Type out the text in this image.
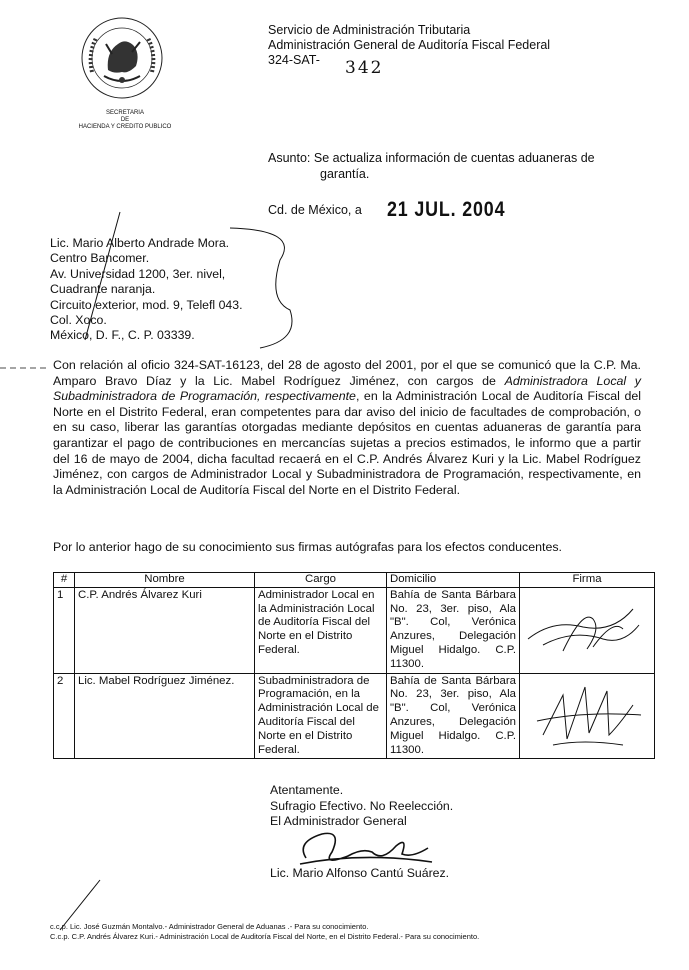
SECRETARIA
DE
HACIENDA Y CREDITO PUBLICO
Servicio de Administración Tributaria
Administración General de Auditoría Fiscal Federal
324-SAT-	342
Asunto: Se actualiza información de cuentas aduaneras de
garantía.
Cd. de México, a 21 JUL. 2004
Lic. Mario Alberto Andrade Mora.
Centro Bancomer.
Av. Universidad 1200, 3er. nivel,
Cuadrante naranja.
Circuito exterior, mod. 9, Telefl 043.
Col. Xoco.
México, D. F., C. P. 03339.
Con relación al oficio 324-SAT-16123, del 28 de agosto del 2001, por el que se comunicó que la C.P. Ma. Amparo Bravo Díaz y la Lic. Mabel Rodríguez Jiménez, con cargos de Administradora Local y Subadministradora de Programación, respectivamente, en la Administración Local de Auditoría Fiscal del Norte en el Distrito Federal, eran competentes para dar aviso del inicio de facultades de comprobación, o en su caso, liberar las garantías otorgadas mediante depósitos en cuentas aduaneras de garantía para garantizar el pago de contribuciones en mercancías sujetas a precios estimados, le informo que a partir del 16 de mayo de 2004, dicha facultad recaerá en el C.P. Andrés Álvarez Kuri y la Lic. Mabel Rodríguez Jiménez, con cargos de Administrador Local y Subadministradora de Programación, respectivamente, en la Administración Local de Auditoría Fiscal del Norte en el Distrito Federal.
Por lo anterior hago de su conocimiento sus firmas autógrafas para los efectos conducentes.
#	Nombre	Cargo	Domicilio	Firma
1	C.P. Andrés Álvarez Kuri	Administrador Local en la Administración Local de Auditoría Fiscal del Norte en el Distrito Federal.	Bahía de Santa Bárbara No. 23, 3er. piso, Ala "B". Col, Verónica Anzures, Delegación Miguel Hidalgo. C.P. 11300.	
2	Lic. Mabel Rodríguez Jiménez.	Subadministradora de Programación, en la Administración Local de Auditoría Fiscal del Norte en el Distrito Federal.	Bahía de Santa Bárbara No. 23, 3er. piso, Ala "B". Col, Verónica Anzures, Delegación Miguel Hidalgo. C.P. 11300.	
Atentamente.
Sufragio Efectivo. No Reelección.
El Administrador General
Lic. Mario Alfonso Cantú Suárez.
c.c.p. Lic. José Guzmán Montalvo.- Administrador General de Aduanas .- Para su conocimiento.
C.c.p. C.P. Andrés Álvarez Kuri.- Administración Local de Auditoría Fiscal del Norte, en el Distrito Federal.- Para su conocimiento.
